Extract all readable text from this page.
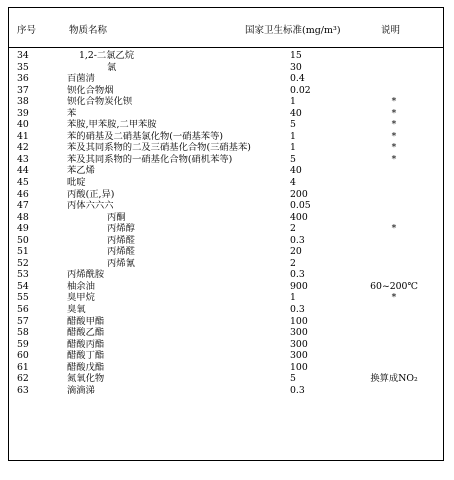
序号	物质名称	国家卫生标准(mg/m³)	说明
34	1,2-二氯乙烷	15
35	氯	30
36	百菌清	0.4
37	钡化合物烟	0.02
38	钡化合物炭化钡	1	*
39	苯	40	*
40	苯胺,甲苯胺,二甲苯胺	5	*
41	苯的硝基及二硝基氯化物(一硝基苯等)	1	*
42	苯及其同系物的二及三硝基化合物(三硝基苯)	1	*
43	苯及其同系物的一硝基化合物(硝机苯等)	5	*
44	苯乙烯	40
45	吡啶	4
46	丙酸(正,异)	200
47	丙体六六六	0.05
48	丙酮	400
49	丙烯醇	2	*
50	丙烯醛	0.3
51	丙烯醛	20
52	丙烯氰	2
53	丙烯酰胺	0.3
54	柚余油	900	60~200℃
55	臭甲烷	1	*
56	臭氧	0.3
57	醋酸甲酯	100
58	醋酸乙酯	300
59	醋酸丙酯	300
60	醋酸丁酯	300
61	醋酸戊酯	100
62	氮氧化物	5	换算成NO₂
63	滴滴涕	0.3
